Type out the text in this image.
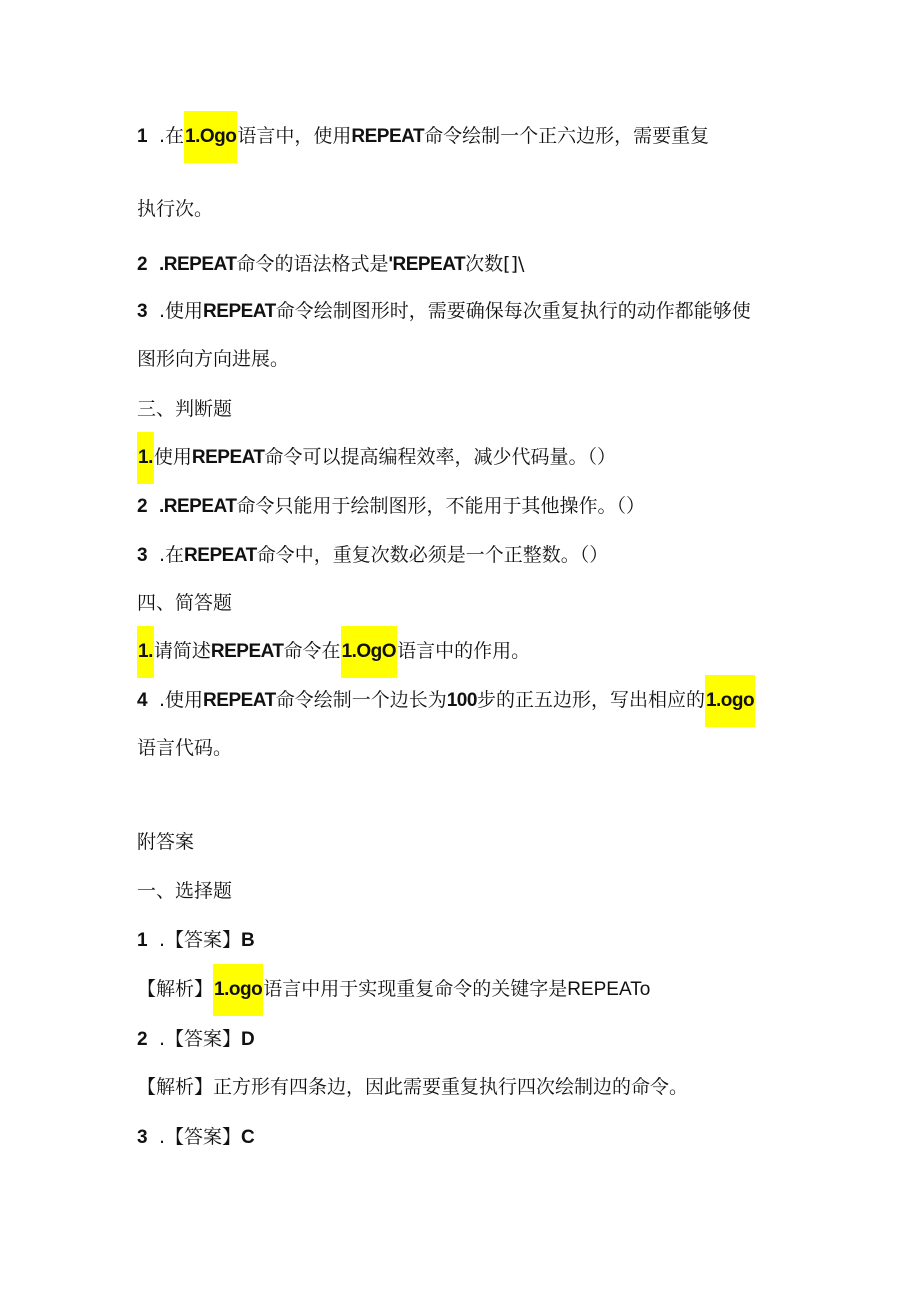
1 .在1.Ogo语言中，使用REPEAT命令绘制一个正六边形，需要重复
执行次。
2 .REPEAT命令的语法格式是'REPEAT次数[]\
3 .使用REPEAT命令绘制图形时，需要确保每次重复执行的动作都能够使
图形向方向进展。
三、判断题
1.使用REPEAT命令可以提高编程效率，减少代码量。（）
2 .REPEAT命令只能用于绘制图形，不能用于其他操作。（）
3 .在REPEAT命令中，重复次数必须是一个正整数。（）
四、简答题
1.请简述REPEAT命令在1.OgO语言中的作用。
4 .使用REPEAT命令绘制一个边长为100步的正五边形，写出相应的1.ogo
语言代码。
附答案
一、选择题
1 .【答案】B
【解析】1.ogo语言中用于实现重复命令的关键字是REPEATo
2 .【答案】D
【解析】正方形有四条边，因此需要重复执行四次绘制边的命令。
3 .【答案】C
